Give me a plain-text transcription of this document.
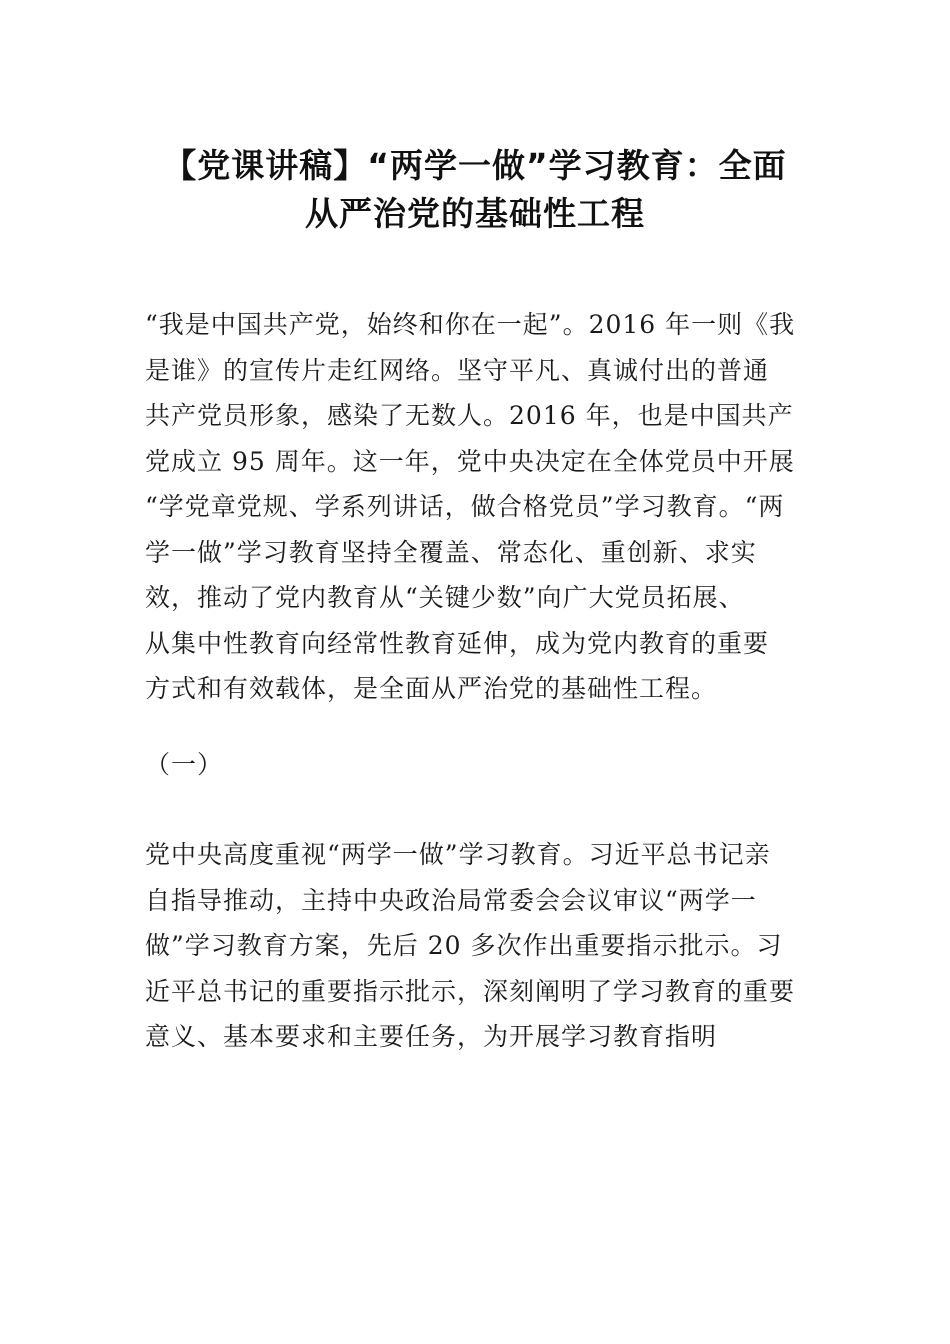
【党课讲稿】“两学一做”学习教育：全面
从严治党的基础性工程
“我是中国共产党，始终和你在一起”。2016 年一则《我
是谁》的宣传片走红网络。坚守平凡、真诚付出的普通
共产党员形象，感染了无数人。2016 年，也是中国共产
党成立 95 周年。这一年，党中央决定在全体党员中开展
“学党章党规、学系列讲话，做合格党员”学习教育。“两
学一做”学习教育坚持全覆盖、常态化、重创新、求实
效，推动了党内教育从“关键少数”向广大党员拓展、
从集中性教育向经常性教育延伸，成为党内教育的重要
方式和有效载体，是全面从严治党的基础性工程。
（一）
党中央高度重视“两学一做”学习教育。习近平总书记亲
自指导推动，主持中央政治局常委会会议审议“两学一
做”学习教育方案，先后 20 多次作出重要指示批示。习
近平总书记的重要指示批示，深刻阐明了学习教育的重要
意义、基本要求和主要任务，为开展学习教育指明
